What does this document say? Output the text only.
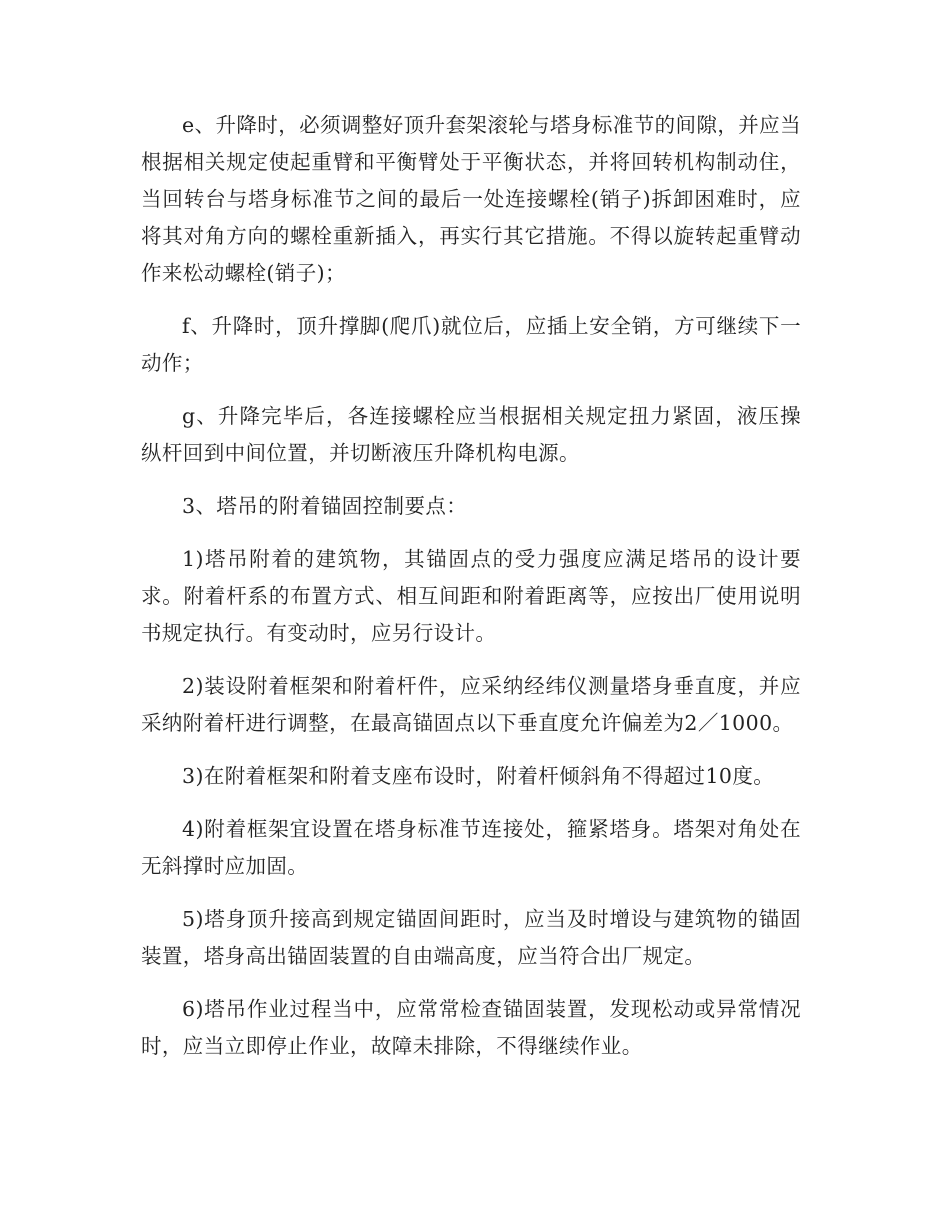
e、升降时，必须调整好顶升套架滚轮与塔身标准节的间隙，并应当根据相关规定使起重臂和平衡臂处于平衡状态，并将回转机构制动住，当回转台与塔身标准节之间的最后一处连接螺栓(销子)拆卸困难时，应将其对角方向的螺栓重新插入，再实行其它措施。不得以旋转起重臂动作来松动螺栓(销子)；

f、升降时，顶升撑脚(爬爪)就位后，应插上安全销，方可继续下一动作；

g、升降完毕后，各连接螺栓应当根据相关规定扭力紧固，液压操纵杆回到中间位置，并切断液压升降机构电源。

3、塔吊的附着锚固控制要点：

1)塔吊附着的建筑物，其锚固点的受力强度应满足塔吊的设计要求。附着杆系的布置方式、相互间距和附着距离等，应按出厂使用说明书规定执行。有变动时，应另行设计。

2)装设附着框架和附着杆件，应采纳经纬仪测量塔身垂直度，并应采纳附着杆进行调整，在最高锚固点以下垂直度允许偏差为2／1000。

3)在附着框架和附着支座布设时，附着杆倾斜角不得超过10度。

4)附着框架宜设置在塔身标准节连接处，箍紧塔身。塔架对角处在无斜撑时应加固。

5)塔身顶升接高到规定锚固间距时，应当及时增设与建筑物的锚固装置，塔身高出锚固装置的自由端高度，应当符合出厂规定。

6)塔吊作业过程当中，应常常检查锚固装置，发现松动或异常情况时，应当立即停止作业，故障未排除，不得继续作业。
